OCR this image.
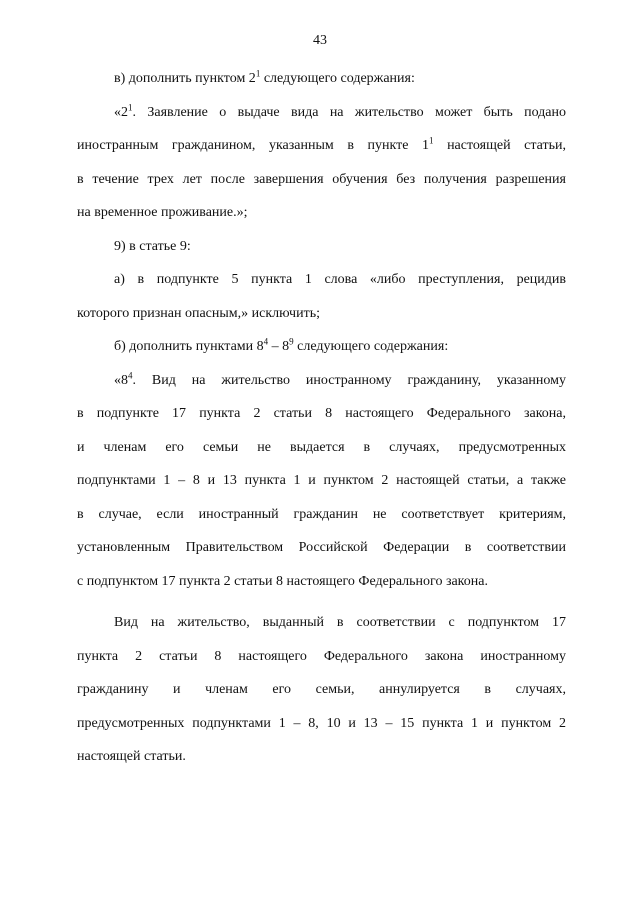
43
в) дополнить пунктом $2^1$ следующего содержания:
«$2^1$. Заявление о выдаче вида на жительство может быть подано
иностранным гражданином, указанным в пункте $1^1$ настоящей статьи,
в течение трех лет после завершения обучения без получения разрешения
на временное проживание.»;
9) в статье 9:
а) в подпункте 5 пункта 1 слова «либо преступления, рецидив
которого признан опасным,» исключить;
б) дополнить пунктами $8^4 - 8^9$ следующего содержания:
«$8^4$. Вид на жительство иностранному гражданину, указанному
в подпункте 17 пункта 2 статьи 8 настоящего Федерального закона,
и членам его семьи не выдается в случаях, предусмотренных
подпунктами 1 – 8 и 13 пункта 1 и пунктом 2 настоящей статьи, а также
в случае, если иностранный гражданин не соответствует критериям,
установленным Правительством Российской Федерации в соответствии
с подпунктом 17 пункта 2 статьи 8 настоящего Федерального закона.
Вид на жительство, выданный в соответствии с подпунктом 17
пункта 2 статьи 8 настоящего Федерального закона иностранному
гражданину и членам его семьи, аннулируется в случаях,
предусмотренных подпунктами 1 – 8, 10 и 13 – 15 пункта 1 и пунктом 2
настоящей статьи.
